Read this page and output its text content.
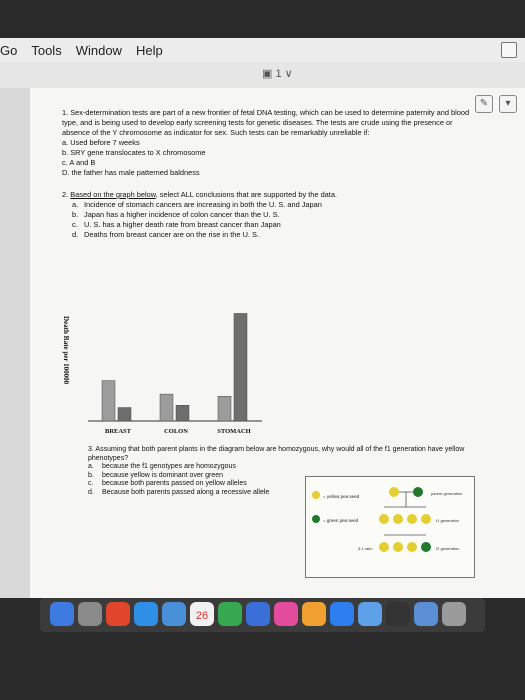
Go Tools Window Help
▣ 1 ∨
✎	▾
1. Sex-determination tests are part of a new frontier of fetal DNA testing, which can be used to determine paternity and blood type, and is being used to develop early screening tests for genetic diseases. The tests are crude using the presence or absence of the Y chromosome as indicator for sex. Such tests can be remarkably unreliable if:
a. Used before 7 weeks
b. SRY gene translocates to X chromosome
c. A and B
D. the father has male patterned baldness
2. Based on the graph below, select ALL conclusions that are supported by the data.
a. Incidence of stomach cancers are increasing in both the U. S. and Japan
b. Japan has a higher incidence of colon cancer than the U. S.
c. U. S. has a higher death rate from breast cancer than Japan
d. Deaths from breast cancer are on the rise in the U. S.
Death Rate per 100000
BREAST	COLON	STOMACH
3. Assuming that both parent plants in the diagram below are homozygous, why would all of the f1 generation have yellow phenotypes?
a. because the f1 genotypes are homozygous
b. because yellow is dominant over green
c. because both parents passed on yellow alleles
d. Because both parents passed along a recessive allele
= yellow pea seed
= green pea seed
parent generation
f1 generation
3:1 ratio	f2 generation
26
